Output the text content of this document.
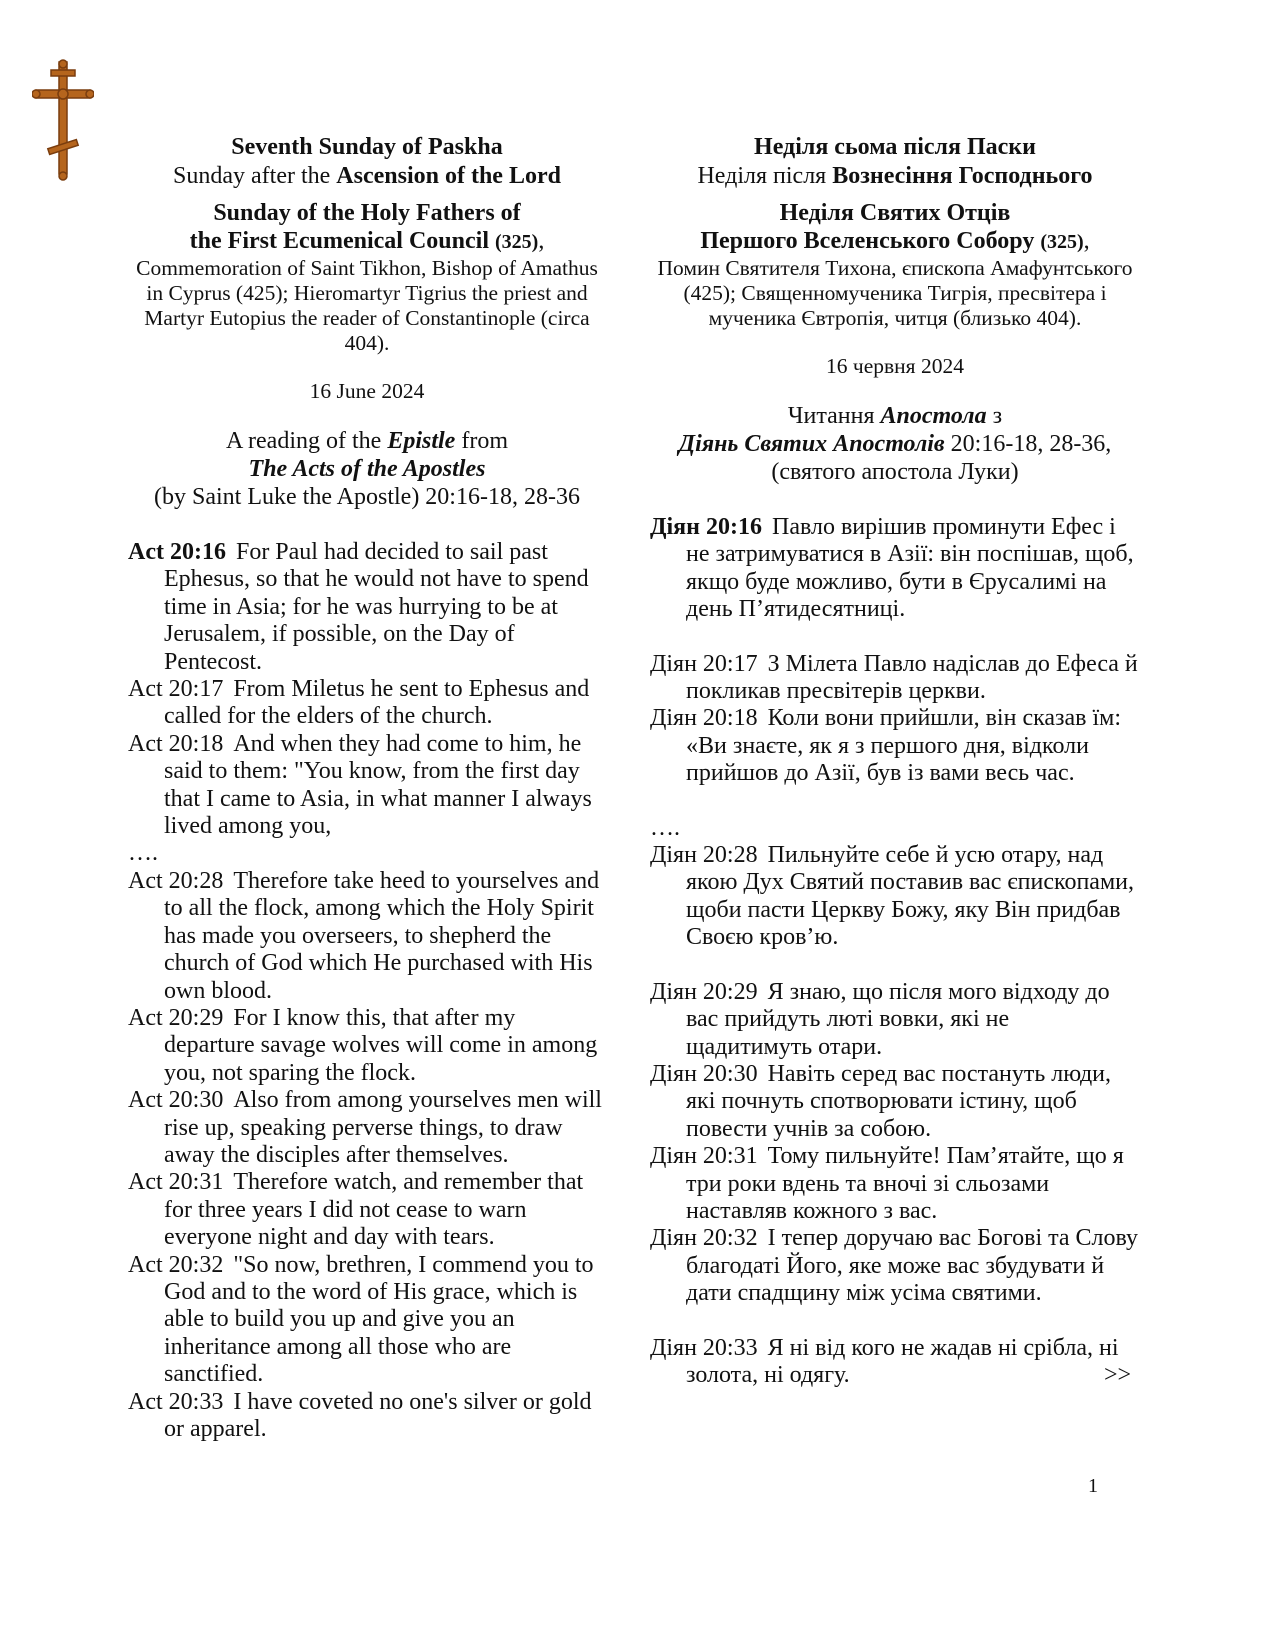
Seventh Sunday of Paskha
Sunday after the Ascension of the Lord
Sunday of the Holy Fathers of
the First Ecumenical Council (325),
Commemoration of Saint Tikhon, Bishop of Amathus in Cyprus (425); Hieromartyr Tigrius the priest and Martyr Eutopius the reader of Constantinople (circa 404).
16 June 2024
A reading of the Epistle from
The Acts of the Apostles
(by Saint Luke the Apostle) 20:16-18, 28-36
Act 20:16 For Paul had decided to sail past Ephesus, so that he would not have to spend time in Asia; for he was hurrying to be at Jerusalem, if possible, on the Day of Pentecost.
Act 20:17 From Miletus he sent to Ephesus and called for the elders of the church.
Act 20:18 And when they had come to him, he said to them: "You know, from the first day that I came to Asia, in what manner I always lived among you,
….
Act 20:28 Therefore take heed to yourselves and to all the flock, among which the Holy Spirit has made you overseers, to shepherd the church of God which He purchased with His own blood.
Act 20:29 For I know this, that after my departure savage wolves will come in among you, not sparing the flock.
Act 20:30 Also from among yourselves men will rise up, speaking perverse things, to draw away the disciples after themselves.
Act 20:31 Therefore watch, and remember that for three years I did not cease to warn everyone night and day with tears.
Act 20:32 "So now, brethren, I commend you to God and to the word of His grace, which is able to build you up and give you an inheritance among all those who are sanctified.
Act 20:33 I have coveted no one's silver or gold or apparel.
Неділя сьома після Паски
Неділя після Вознесіння Господнього
Неділя Святих Отців
Першого Вселенського Собору (325),
Помин Святителя Тихона, єпископа Амафунтського (425); Священномученика Тигрія, пресвітера і мученика Євтропія, читця (близько 404).
16 червня 2024
Читання Апостола з
Діянь Святих Апостолів 20:16-18, 28-36,
(святого апостола Луки)
Діян 20:16 Павло вирішив проминути Ефес і не затримуватися в Азії: він поспішав, щоб, якщо буде можливо, бути в Єрусалимі на день П’ятидесятниці.
Діян 20:17 З Мілета Павло надіслав до Ефеса й покликав пресвітерів церкви.
Діян 20:18 Коли вони прийшли, він сказав їм: «Ви знаєте, як я з першого дня, відколи прийшов до Азії, був із вами весь час.
….
Діян 20:28 Пильнуйте себе й усю отару, над якою Дух Святий поставив вас єпископами, щоби пасти Церкву Божу, яку Він придбав Своєю кров’ю.
Діян 20:29 Я знаю, що після мого відходу до вас прийдуть люті вовки, які не щадитимуть отари.
Діян 20:30 Навіть серед вас постануть люди, які почнуть спотворювати істину, щоб повести учнів за собою.
Діян 20:31 Тому пильнуйте! Пам’ятайте, що я три роки вдень та вночі зі сльозами наставляв кожного з вас.
Діян 20:32 І тепер доручаю вас Богові та Слову благодаті Його, яке може вас збудувати й дати спадщину між усіма святими.
Діян 20:33 Я ні від кого не жадав ні срібла, ні золота, ні одягу.	>>
1
